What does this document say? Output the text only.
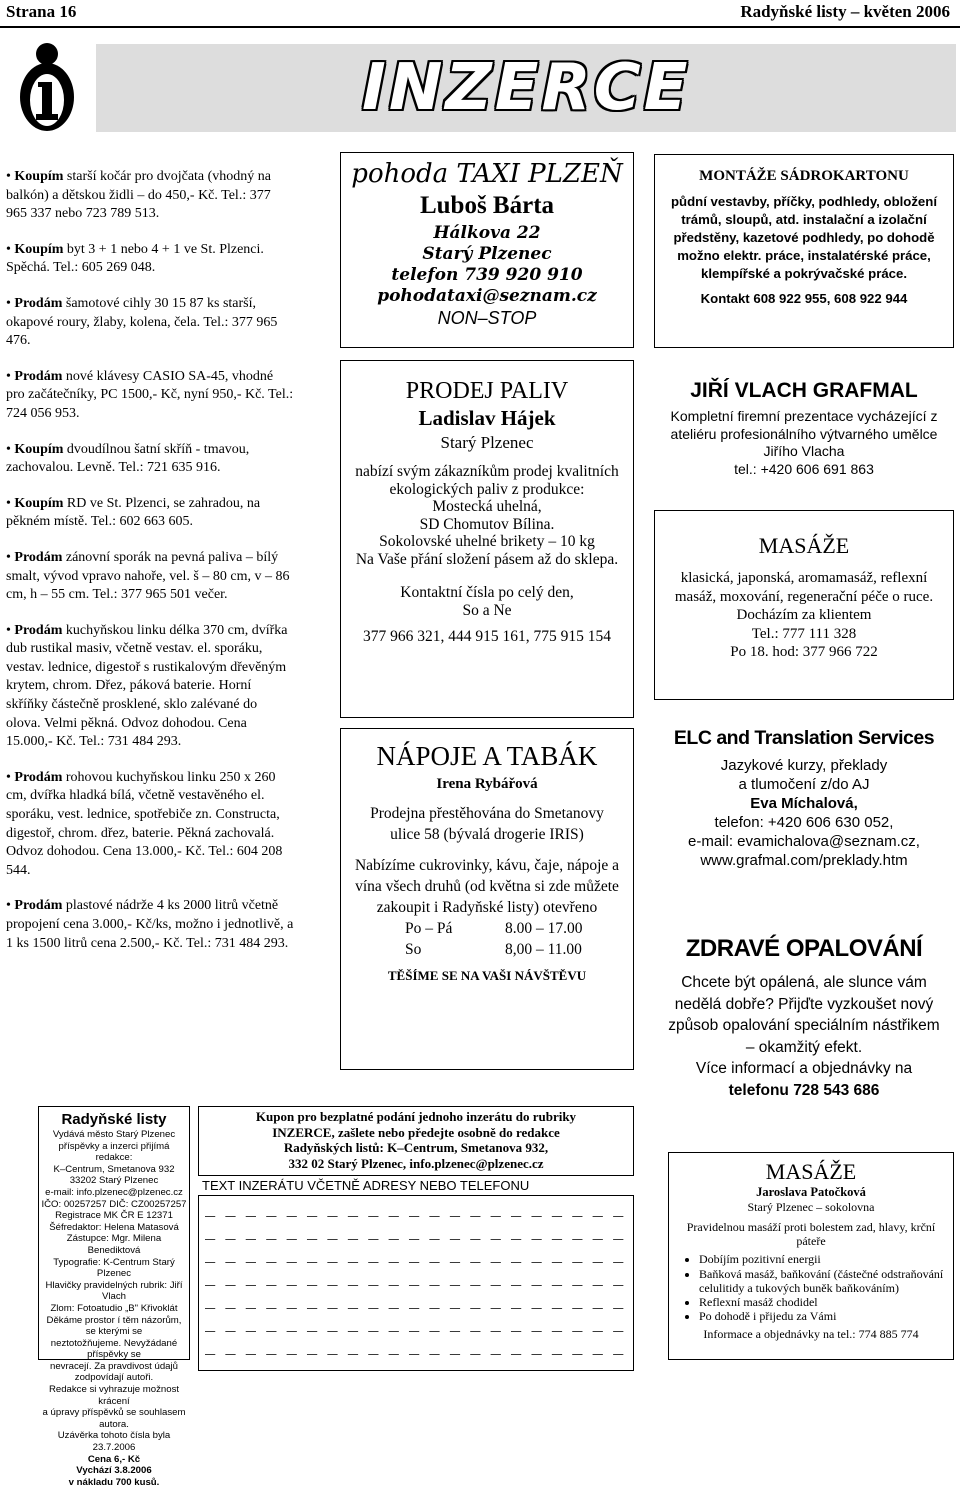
Strana 16	Radyňské listy – květen 2006
INZERCE
• Koupím starší kočár pro dvojčata (vhodný na balkón) a dětskou židli – do 450,- Kč. Tel.: 377 965 337 nebo 723 789 513.
• Koupím byt 3 + 1 nebo 4 + 1 ve St. Plzenci. Spěchá. Tel.: 605 269 048.
• Prodám šamotové cihly 30 15 87 ks starší, okapové roury, žlaby, kolena, čela. Tel.: 377 965 476.
• Prodám nové klávesy CASIO SA-45, vhodné pro začátečníky, PC 1500,- Kč, nyní 950,- Kč. Tel.: 724 056 953.
• Koupím dvoudílnou šatní skříň - tmavou, zachovalou. Levně. Tel.: 721 635 916.
• Koupím RD ve St. Plzenci, se zahradou, na pěkném místě. Tel.: 602 663 605.
• Prodám zánovní sporák na pevná paliva – bílý smalt, vývod vpravo nahoře, vel. š – 80 cm, v – 86 cm, h – 55 cm. Tel.: 377 965 501 večer.
• Prodám kuchyňskou linku délka 370 cm, dvířka dub rustikal masiv, včetně vestav. el. sporáku, vestav. lednice, digestoř s rustikalovým dřevěným krytem, chrom. Dřez, páková baterie. Horní skříňky částečně prosklené, sklo zalévané do olova. Velmi pěkná. Odvoz dohodou. Cena 15.000,- Kč. Tel.: 731 484 293.
• Prodám rohovou kuchyňskou linku 250 x 260 cm, dvířka hladká bílá, včetně vestavěného el. sporáku, vest. lednice, spotřebiče zn. Constructa, digestoř, chrom. dřez, baterie. Pěkná zachovalá. Odvoz dohodou. Cena 13.000,- Kč. Tel.: 604 208 544.
• Prodám plastové nádrže 4 ks 2000 litrů včetně propojení cena 3.000,- Kč/ks, možno i jednotlivě, a 1 ks 1500 litrů cena 2.500,- Kč. Tel.: 731 484 293.

pohoda TAXI PLZEŇ

Luboš Bárta

Hálkova 22

Starý Plzenec

telefon 739 920 910

pohodataxi@seznam.cz

NON–STOP

MONTÁŽE SÁDROKARTONU

půdní vestavby, příčky, podhledy, obložení trámů, sloupů, atd. instalační a izolační předstěny, kazetové podhledy, po dohodě možno elektr. práce, instalatérské práce, klempířské a pokrývačské práce.

Kontakt 608 922 955, 608 922 944

PRODEJ PALIV

Ladislav Hájek

Starý Plzenec

nabízí svým zákazníkům prodej kvalitních ekologických paliv z produkce:

Mostecká uhelná,

SD Chomutov Bílina.

Sokolovské uhelné brikety – 10 kg

Na Vaše přání složení pásem až do sklepa.

Kontaktní čísla po celý den,

So a Ne

377 966 321, 444 915 161, 775 915 154

JIŘÍ VLACH GRAFMAL

Kompletní firemní prezentace vycházející z ateliéru profesionálního výtvarného umělce Jiřího Vlacha

tel.: +420 606 691 863

MASÁŽE

klasická, japonská, aromamasáž, reflexní masáž, moxování, regenerační péče o ruce.

Docházím za klientem

Tel.: 777 111 328

Po 18. hod: 377 966 722

ELC and Translation Services

Jazykové kurzy, překlady

a tlumočení z/do AJ

Eva Míchalová,

telefon: +420 606 630 052,

e-mail: evamichalova@seznam.cz,

www.grafmal.com/preklady.htm

NÁPOJE A TABÁK

Irena Rybářová

Prodejna přestěhována do Smetanovy ulice 58 (bývalá drogerie IRIS)

Nabízíme cukrovinky, kávu, čaje, nápoje a vína všech druhů (od května si zde můžete zakoupit i Radyňské listy) otevřeno

Po – Pá	8.00 – 17.00
So	8,00 – 11.00

TĚŠÍME SE NA VAŠI NÁVŠTĚVU

ZDRAVÉ OPALOVÁNÍ

Chcete být opálená, ale slunce vám nedělá dobře? Přijďte vyzkoušet nový způsob opalování speciálním nástřikem – okamžitý efekt.

Více informací a objednávky na

telefonu 728 543 686

Radyňské listy
Vydává město Starý Plzenec
příspěvky a inzerci přijímá redakce:
K–Centrum, Smetanova 932
33202 Starý Plzenec
e-mail: info.plzenec@plzenec.cz
IČO: 00257257 DIČ: CZ00257257
Registrace MK ČR E 12371
Šéfredaktor: Helena Matasová
Zástupce: Mgr. Milena Benediktová
Typografie: K-Centrum Starý Plzenec
Hlavičky pravidelných rubrik: Jiří Vlach
Zlom: Fotoatudio „B" Křivoklát
Děkáme prostor í těm názorům, se kterými se
neztotožňujeme. Nevyžádané příspěvky se
nevracejí. Za pravdivost údajů
zodpovídají autoři.
Redakce si vyhrazuje možnost krácení
a úpravy příspěvků se souhlasem autora.
Uzávěrka tohoto čísla byla 23.7.2006
Cena 6,- Kč
Vychází 3.8.2006
v nákladu 700 kusů.
Kupon pro bezplatné podání jednoho inzerátu do rubriky
INZERCE, zašlete nebo předejte osobně do redakce
Radyňských listů: K–Centrum, Smetanova 932,
332 02 Starý Plzenec, info.plzenec@plzenec.cz
TEXT INZERÁTU VČETNĚ ADRESY NEBO TELEFONU
_ _ _ _ _ _ _ _ _ _ _ _ _ _ _ _ _ _ _ _ _
_ _ _ _ _ _ _ _ _ _ _ _ _ _ _ _ _ _ _ _ _
_ _ _ _ _ _ _ _ _ _ _ _ _ _ _ _ _ _ _ _ _
_ _ _ _ _ _ _ _ _ _ _ _ _ _ _ _ _ _ _ _ _
_ _ _ _ _ _ _ _ _ _ _ _ _ _ _ _ _ _ _ _ _
_ _ _ _ _ _ _ _ _ _ _ _ _ _ _ _ _ _ _ _ _
_ _ _ _ _ _ _ _ _ _ _ _ _ _ _ _ _ _ _ _ _

MASÁŽE

Jaroslava Patočková

Starý Plzenec – sokolovna

Pravidelnou masáží proti bolestem zad, hlavy, krční páteře

• Dobíjím pozitivní energii
• Baňková masáž, baňkování (částečné odstraňování celulitidy a tukových buněk baňkováním)
• Reflexní masáž chodidel
• Po dohodě i přijedu za Vámi

Informace a objednávky na tel.: 774 885 774
